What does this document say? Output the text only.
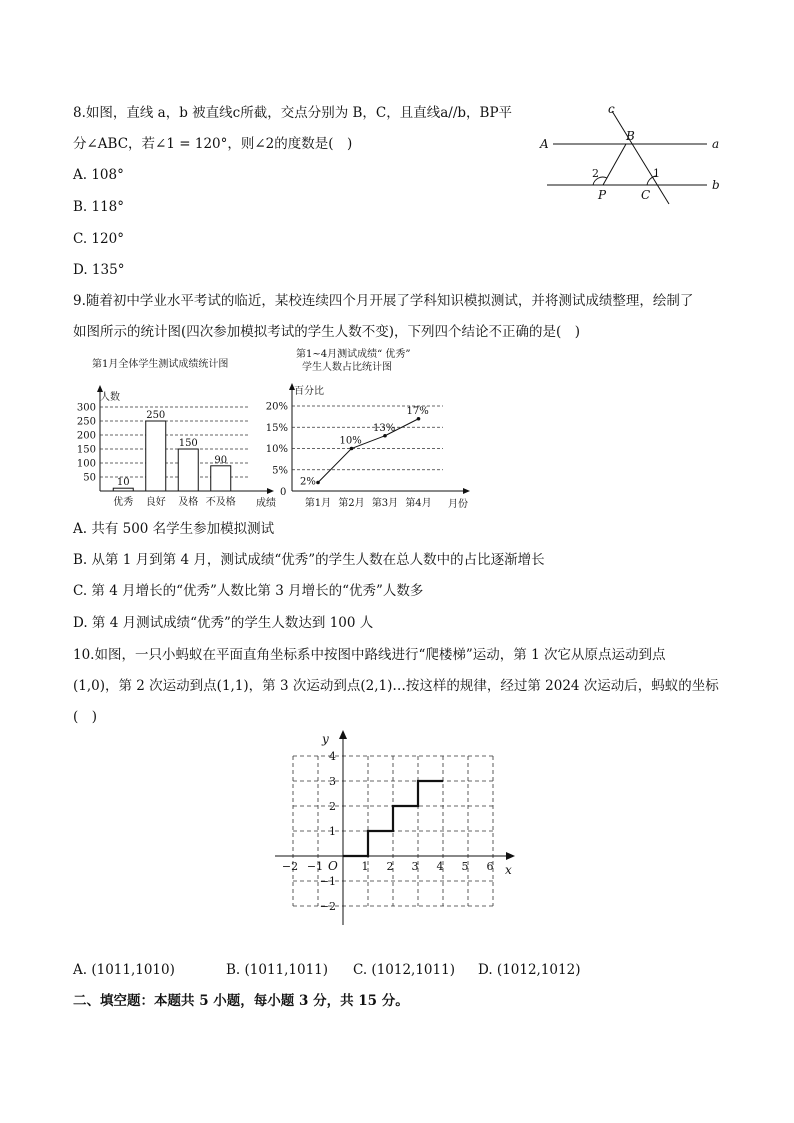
8.如图，直线 a，b 被直线c所截，交点分别为 B，C，且直线a//b，BP平
分∠ABC，若∠1 = 120°，则∠2的度数是(　)
A. 108°
B. 118°
C. 120°
D. 135°
c
A
B
a
b
P	C
1
2
9.随着初中学业水平考试的临近，某校连续四个月开展了学科知识模拟测试，并将测试成绩整理，绘制了
如图所示的统计图(四次参加模拟考试的学生人数不变)，下列四个结论不正确的是(　)
第1月全体学生测试成绩统计图
人数
成绩
50
100
150
200
250
300
10
优秀
250
良好
150
及格
90
不及格
第1~4月测试成绩“ 优秀”
学生人数占比统计图
百分比
月份
0
5%
10%
15%
20%
2%
第1月
10%
第2月
13%
第3月
17%
第4月
A. 共有 500 名学生参加模拟测试
B. 从第 1 月到第 4 月，测试成绩“优秀”的学生人数在总人数中的占比逐渐增长
C. 第 4 月增长的“优秀”人数比第 3 月增长的“优秀”人数多
D. 第 4 月测试成绩“优秀”的学生人数达到 100 人
10.如图，一只小蚂蚁在平面直角坐标系中按图中路线进行“爬楼梯”运动，第 1 次它从原点运动到点
(1,0)，第 2 次运动到点(1,1)，第 3 次运动到点(2,1)…按这样的规律，经过第 2024 次运动后，蚂蚁的坐标
(　)
x
y
O
−2 −1	1 2 3 4 5 6
4
3
2
1
−1
−2
A. (1011,1010)	B. (1011,1011) C. (1012,1011) D. (1012,1012)
二、填空题：本题共 5 小题，每小题 3 分，共 15 分。
